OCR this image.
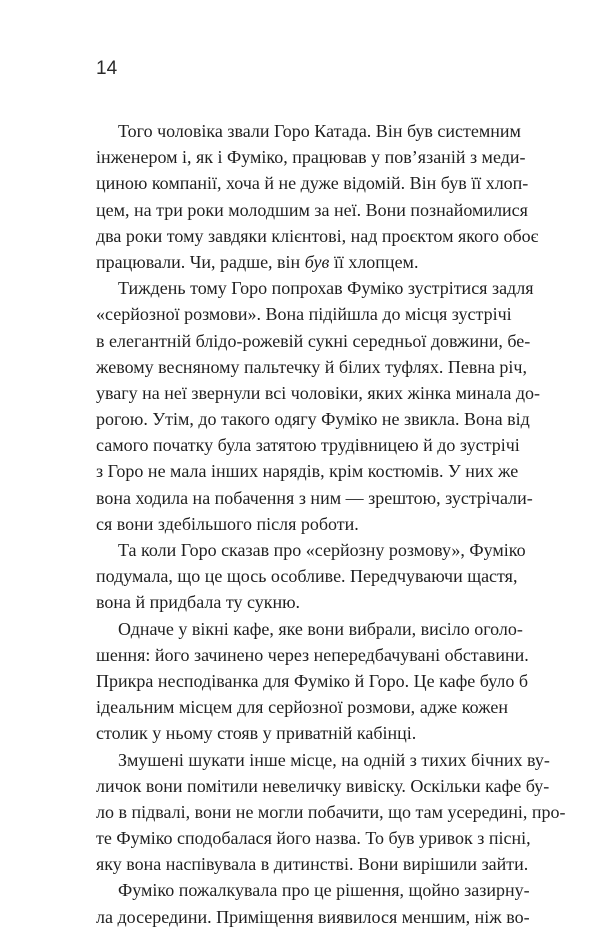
14
Того чоловіка звали Горо Катада. Він був системним
інженером і, як і Фуміко, працював у пов’язаній з меди-
циною компанії, хоча й не дуже відомій. Він був її хлоп-
цем, на три роки молодшим за неї. Вони познайомилися
два роки тому завдяки клієнтові, над проєктом якого обоє
працювали. Чи, радше, він був її хлопцем.
Тиждень тому Горо попрохав Фуміко зустрітися задля
«серйозної розмови». Вона підійшла до місця зустрічі
в елегантній блідо-рожевій сукні середньої довжини, бе-
жевому весняному пальтечку й білих туфлях. Певна річ,
увагу на неї звернули всі чоловіки, яких жінка минала до-
рогою. Утім, до такого одягу Фуміко не звикла. Вона від
самого початку була затятою трудівницею й до зустрічі
з Горо не мала інших нарядів, крім костюмів. У них же
вона ходила на побачення з ним — зрештою, зустрічали-
ся вони здебільшого після роботи.
Та коли Горо сказав про «серйозну розмову», Фуміко
подумала, що це щось особливе. Передчуваючи щастя,
вона й придбала ту сукню.
Одначе у вікні кафе, яке вони вибрали, висіло оголо-
шення: його зачинено через непередбачувані обставини.
Прикра несподіванка для Фуміко й Горо. Це кафе було б
ідеальним місцем для серйозної розмови, адже кожен
столик у ньому стояв у приватній кабінці.
Змушені шукати інше місце, на одній з тихих бічних ву-
личок вони помітили невеличку вивіску. Оскільки кафе бу-
ло в підвалі, вони не могли побачити, що там усередині, про-
те Фуміко сподобалася його назва. То був уривок з пісні,
яку вона наспівувала в дитинстві. Вони вирішили зайти.
Фуміко пожалкувала про це рішення, щойно зазирну-
ла досередини. Приміщення виявилося меншим, ніж во-
